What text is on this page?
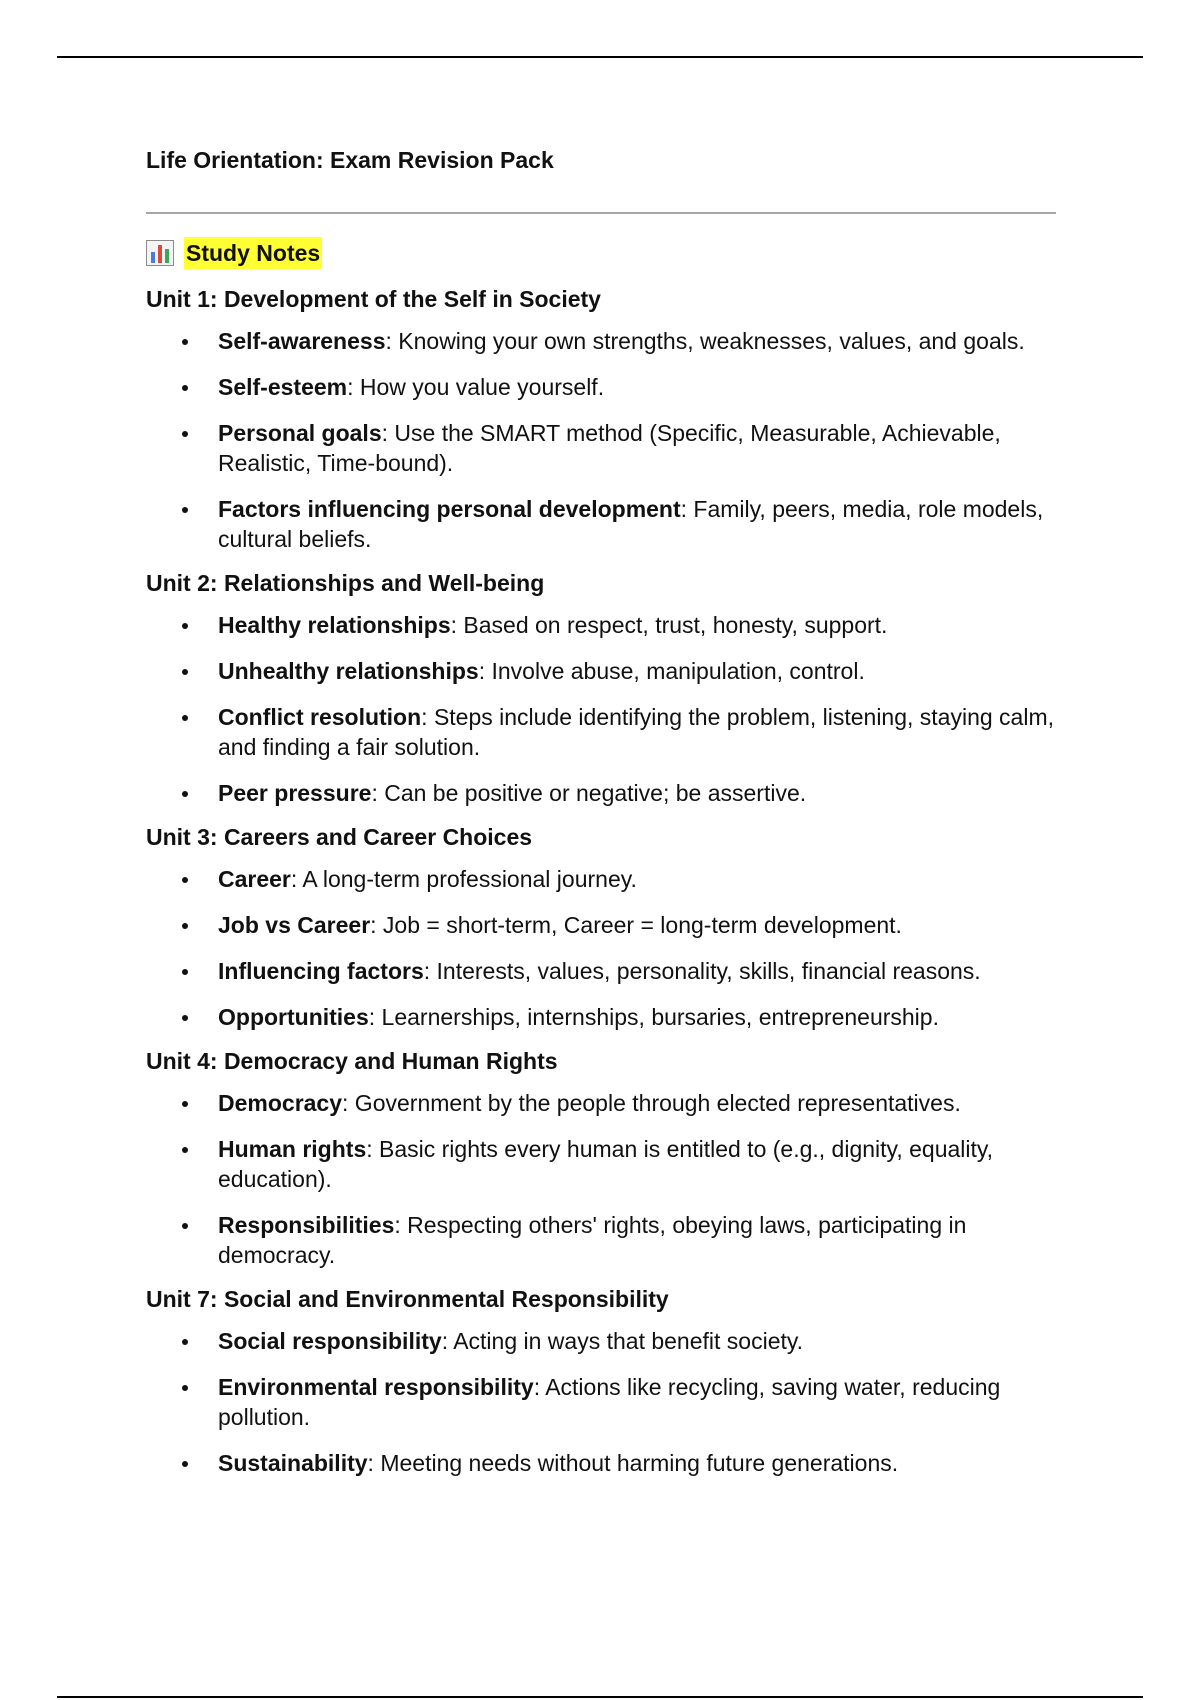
Life Orientation: Exam Revision Pack
Study Notes
Unit 1: Development of the Self in Society
Self-awareness: Knowing your own strengths, weaknesses, values, and goals.
Self-esteem: How you value yourself.
Personal goals: Use the SMART method (Specific, Measurable, Achievable, Realistic, Time-bound).
Factors influencing personal development: Family, peers, media, role models, cultural beliefs.
Unit 2: Relationships and Well-being
Healthy relationships: Based on respect, trust, honesty, support.
Unhealthy relationships: Involve abuse, manipulation, control.
Conflict resolution: Steps include identifying the problem, listening, staying calm, and finding a fair solution.
Peer pressure: Can be positive or negative; be assertive.
Unit 3: Careers and Career Choices
Career: A long-term professional journey.
Job vs Career: Job = short-term, Career = long-term development.
Influencing factors: Interests, values, personality, skills, financial reasons.
Opportunities: Learnerships, internships, bursaries, entrepreneurship.
Unit 4: Democracy and Human Rights
Democracy: Government by the people through elected representatives.
Human rights: Basic rights every human is entitled to (e.g., dignity, equality, education).
Responsibilities: Respecting others' rights, obeying laws, participating in democracy.
Unit 7: Social and Environmental Responsibility
Social responsibility: Acting in ways that benefit society.
Environmental responsibility: Actions like recycling, saving water, reducing pollution.
Sustainability: Meeting needs without harming future generations.
